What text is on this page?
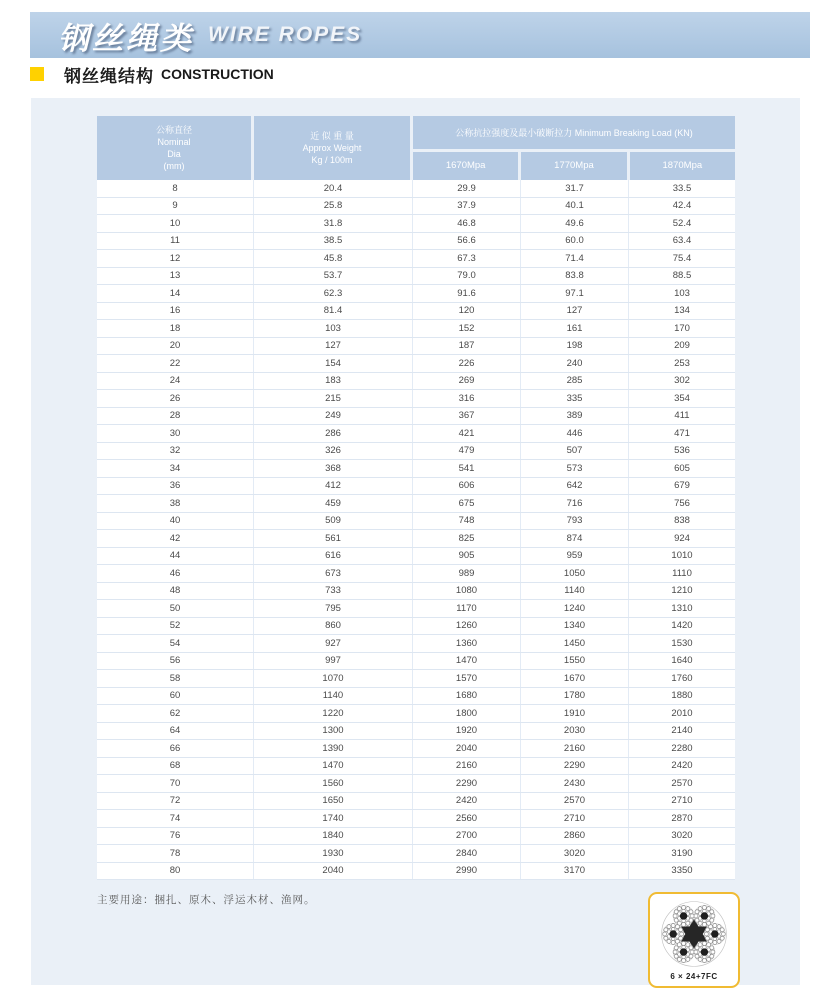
钢丝绳类 WIRE ROPES
钢丝绳结构 CONSTRUCTION
公称直径
Nominal
Dia
(mm)
近 似 重 量
Approx Weight
Kg / 100m
公称抗拉强度及最小破断拉力 Minimum Breaking Load (KN)
1670Mpa	1770Mpa	1870Mpa
8	20.4	29.9	31.7	33.5
9	25.8	37.9	40.1	42.4
10	31.8	46.8	49.6	52.4
11	38.5	56.6	60.0	63.4
12	45.8	67.3	71.4	75.4
13	53.7	79.0	83.8	88.5
14	62.3	91.6	97.1	103
16	81.4	120	127	134
18	103	152	161	170
20	127	187	198	209
22	154	226	240	253
24	183	269	285	302
26	215	316	335	354
28	249	367	389	411
30	286	421	446	471
32	326	479	507	536
34	368	541	573	605
36	412	606	642	679
38	459	675	716	756
40	509	748	793	838
42	561	825	874	924
44	616	905	959	1010
46	673	989	1050	1110
48	733	1080	1140	1210
50	795	1170	1240	1310
52	860	1260	1340	1420
54	927	1360	1450	1530
56	997	1470	1550	1640
58	1070	1570	1670	1760
60	1140	1680	1780	1880
62	1220	1800	1910	2010
64	1300	1920	2030	2140
66	1390	2040	2160	2280
68	1470	2160	2290	2420
70	1560	2290	2430	2570
72	1650	2420	2570	2710
74	1740	2560	2710	2870
76	1840	2700	2860	3020
78	1930	2840	3020	3190
80	2040	2990	3170	3350
主要用途：捆扎、原木、浮运木材、渔网。
6 × 24+7FC
